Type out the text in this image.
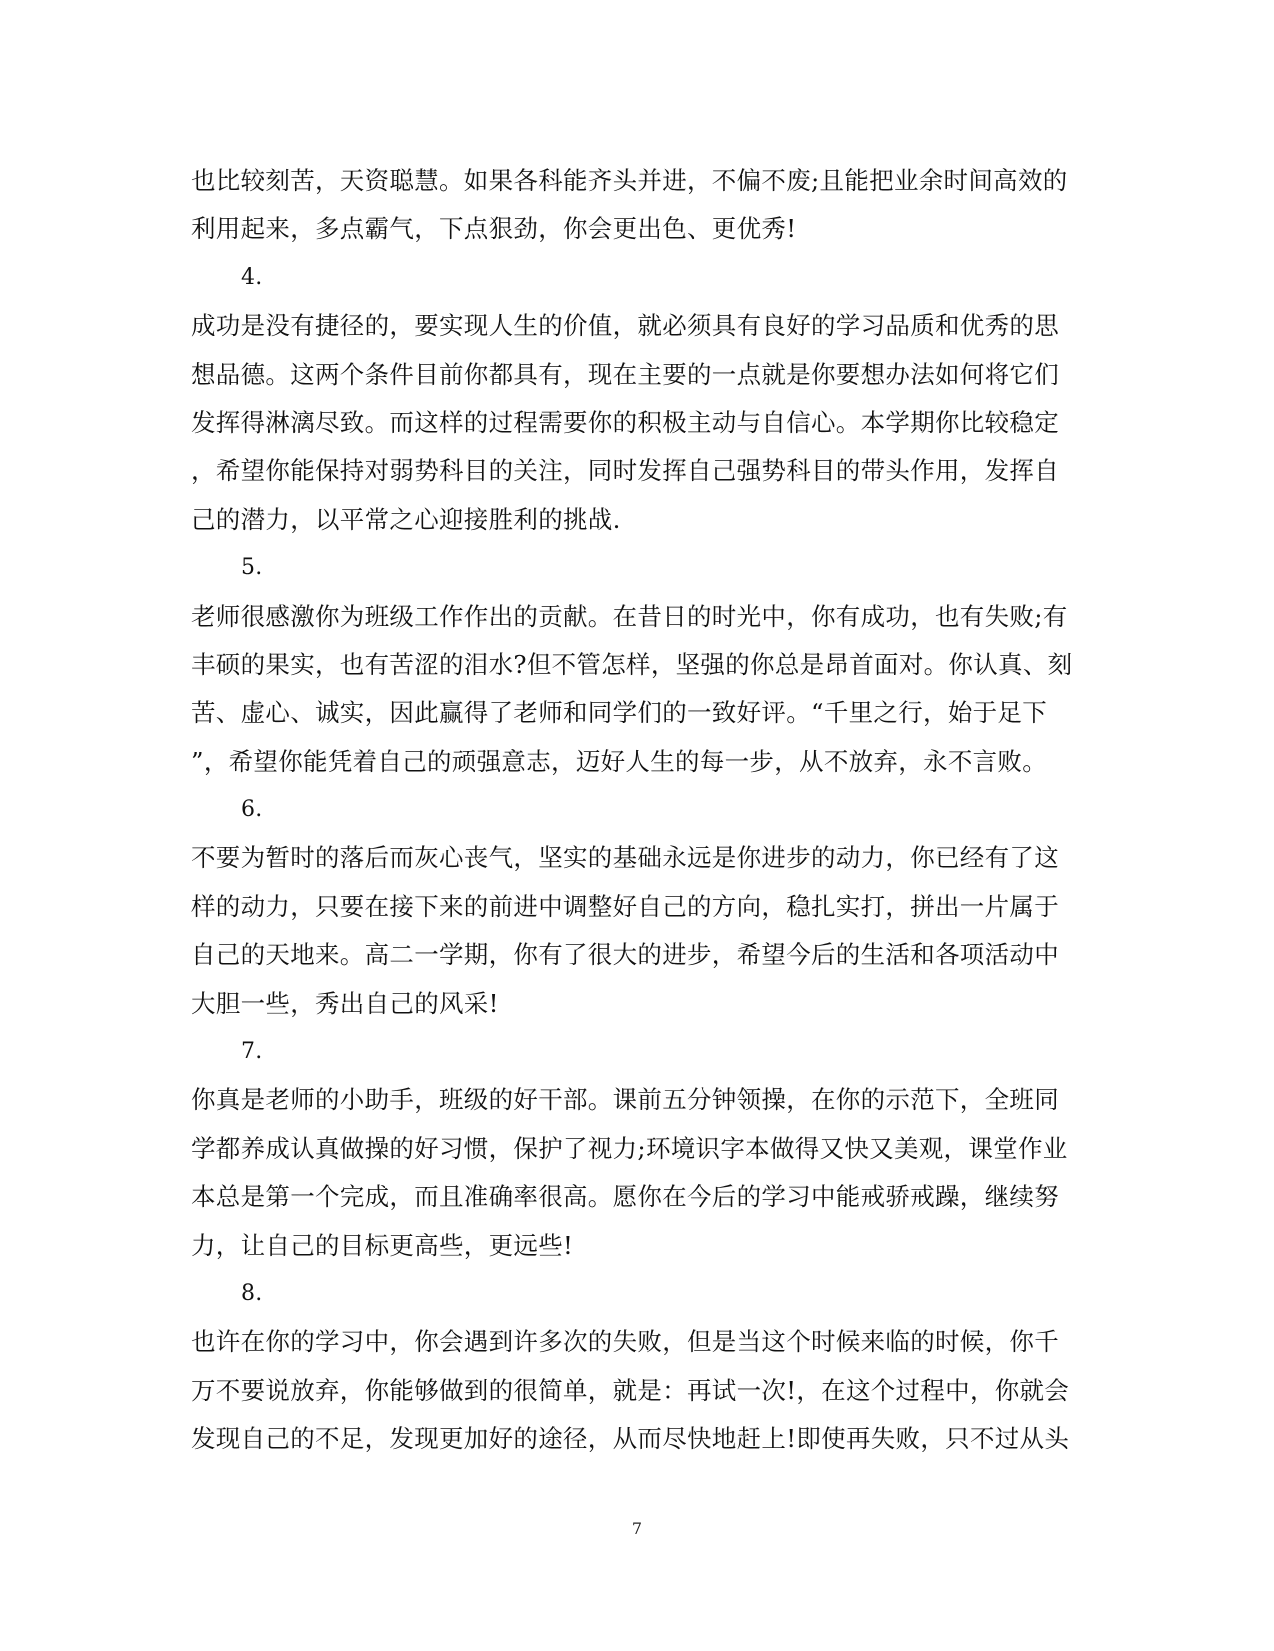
也比较刻苦，天资聪慧。如果各科能齐头并进，不偏不废;且能把业余时间高效的
利用起来，多点霸气，下点狠劲，你会更出色、更优秀!
4.
成功是没有捷径的，要实现人生的价值，就必须具有良好的学习品质和优秀的思
想品德。这两个条件目前你都具有，现在主要的一点就是你要想办法如何将它们
发挥得淋漓尽致。而这样的过程需要你的积极主动与自信心。本学期你比较稳定
，希望你能保持对弱势科目的关注，同时发挥自己强势科目的带头作用，发挥自
己的潜力，以平常之心迎接胜利的挑战.
5.
老师很感激你为班级工作作出的贡献。在昔日的时光中，你有成功，也有失败;有
丰硕的果实，也有苦涩的泪水?但不管怎样，坚强的你总是昂首面对。你认真、刻
苦、虚心、诚实，因此赢得了老师和同学们的一致好评。“千里之行，始于足下
”，希望你能凭着自己的顽强意志，迈好人生的每一步，从不放弃，永不言败。
6.
不要为暂时的落后而灰心丧气，坚实的基础永远是你进步的动力，你已经有了这
样的动力，只要在接下来的前进中调整好自己的方向，稳扎实打，拼出一片属于
自己的天地来。高二一学期，你有了很大的进步，希望今后的生活和各项活动中
大胆一些，秀出自己的风采!
7.
你真是老师的小助手，班级的好干部。课前五分钟领操，在你的示范下，全班同
学都养成认真做操的好习惯，保护了视力;环境识字本做得又快又美观，课堂作业
本总是第一个完成，而且准确率很高。愿你在今后的学习中能戒骄戒躁，继续努
力，让自己的目标更高些，更远些!
8.
也许在你的学习中，你会遇到许多次的失败，但是当这个时候来临的时候，你千
万不要说放弃，你能够做到的很简单，就是：再试一次!，在这个过程中，你就会
发现自己的不足，发现更加好的途径，从而尽快地赶上!即使再失败，只不过从头
7
